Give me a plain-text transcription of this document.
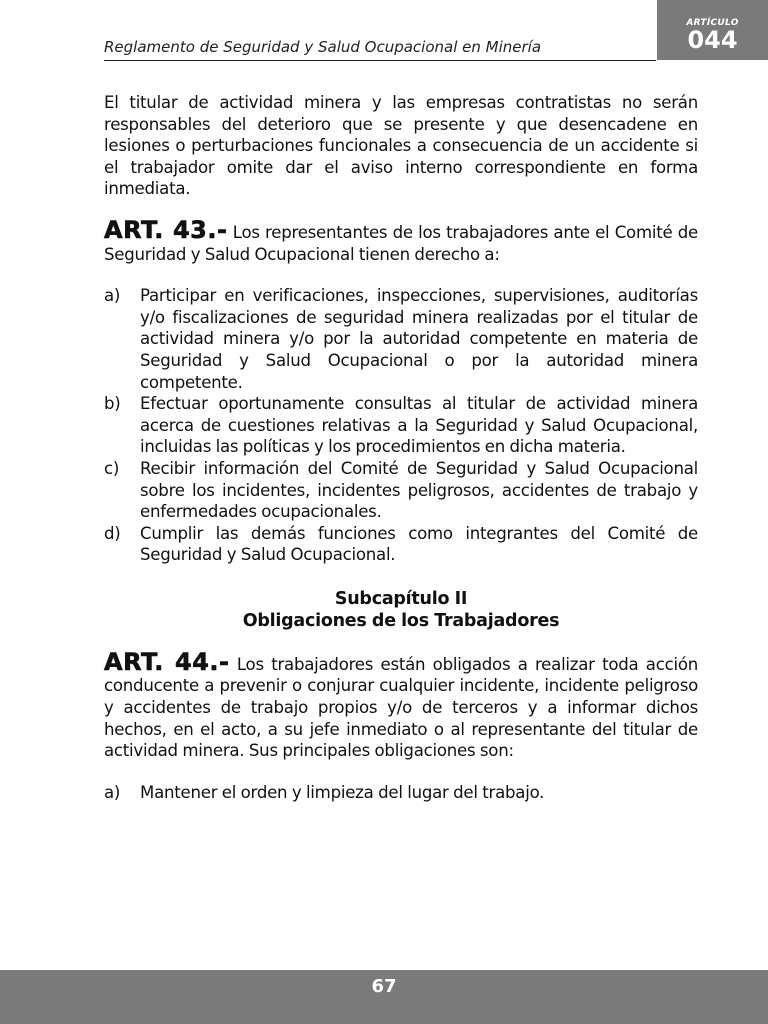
Reglamento de Seguridad y Salud Ocupacional en Minería
ARTÍCULO
044

El titular de actividad minera y las empresas contratistas no serán responsables del deterioro que se presente y que desencadene en lesiones o perturbaciones funcionales a consecuencia de un accidente si el trabajador omite dar el aviso interno correspondiente en forma inmediata.

ART. 43.- Los representantes de los trabajadores ante el Comité de Seguridad y Salud Ocupacional tienen derecho a:

a) Participar en verificaciones, inspecciones, supervisiones, auditorías y/o fiscalizaciones de seguridad minera realizadas por el titular de actividad minera y/o por la autoridad competente en materia de Seguridad y Salud Ocupacional o por la autoridad minera competente.
b) Efectuar oportunamente consultas al titular de actividad minera acerca de cuestiones relativas a la Seguridad y Salud Ocupacional, incluidas las políticas y los procedimientos en dicha materia.
c) Recibir información del Comité de Seguridad y Salud Ocupacional sobre los incidentes, incidentes peligrosos, accidentes de trabajo y enfermedades ocupacionales.
d) Cumplir las demás funciones como integrantes del Comité de Seguridad y Salud Ocupacional.

Subcapítulo II

Obligaciones de los Trabajadores

ART. 44.- Los trabajadores están obligados a realizar toda acción conducente a prevenir o conjurar cualquier incidente, incidente peligroso y accidentes de trabajo propios y/o de terceros y a informar dichos hechos, en el acto, a su jefe inmediato o al representante del titular de actividad minera. Sus principales obligaciones son:

a) Mantener el orden y limpieza del lugar del trabajo.
67
